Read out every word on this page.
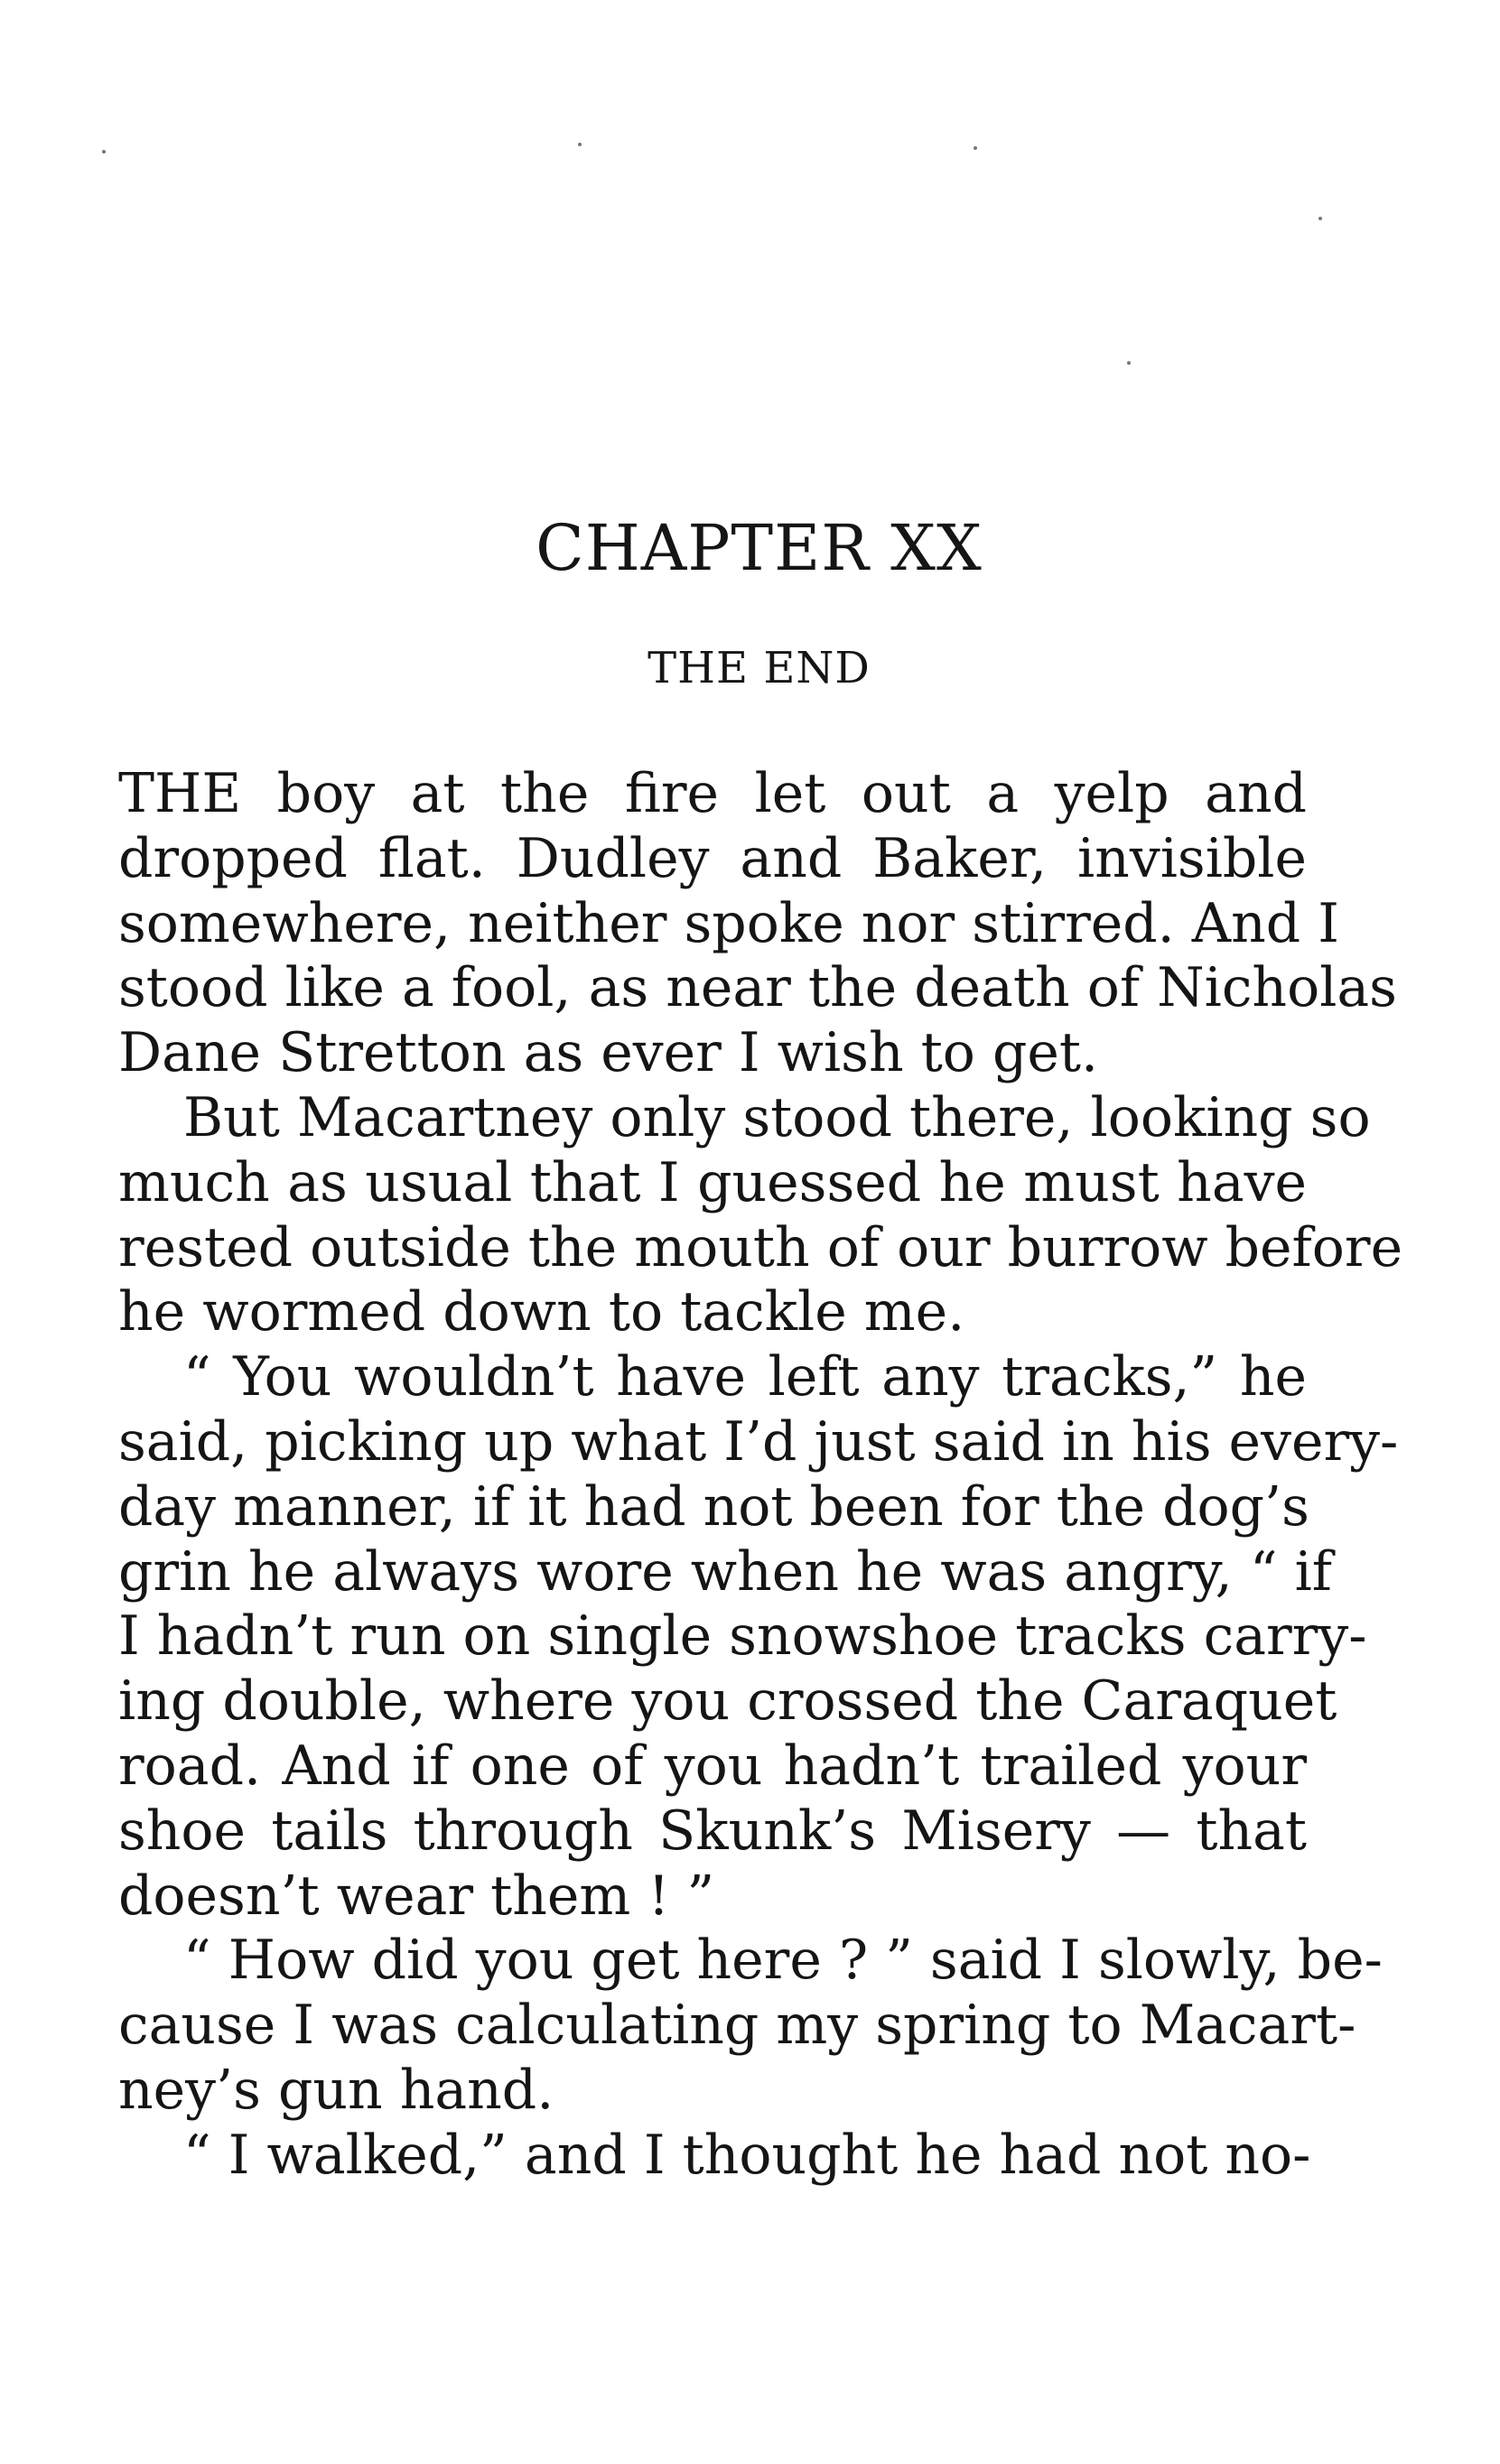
CHAPTER XX
THE END
THE boy at the fire let out a yelp and
dropped flat. Dudley and Baker, invisible
somewhere, neither spoke nor stirred. And I
stood like a fool, as near the death of Nicholas
Dane Stretton as ever I wish to get.
But Macartney only stood there, looking so
much as usual that I guessed he must have
rested outside the mouth of our burrow before
he wormed down to tackle me.
“ You wouldn’t have left any tracks,” he
said, picking up what I’d just said in his every-
day manner, if it had not been for the dog’s
grin he always wore when he was angry, “ if
I hadn’t run on single snowshoe tracks carry-
ing double, where you crossed the Caraquet
road. And if one of you hadn’t trailed your
shoe tails through Skunk’s Misery — that
doesn’t wear them ! ”
“ How did you get here ? ” said I slowly, be-
cause I was calculating my spring to Macart-
ney’s gun hand.
“ I walked,” and I thought he had not no-
